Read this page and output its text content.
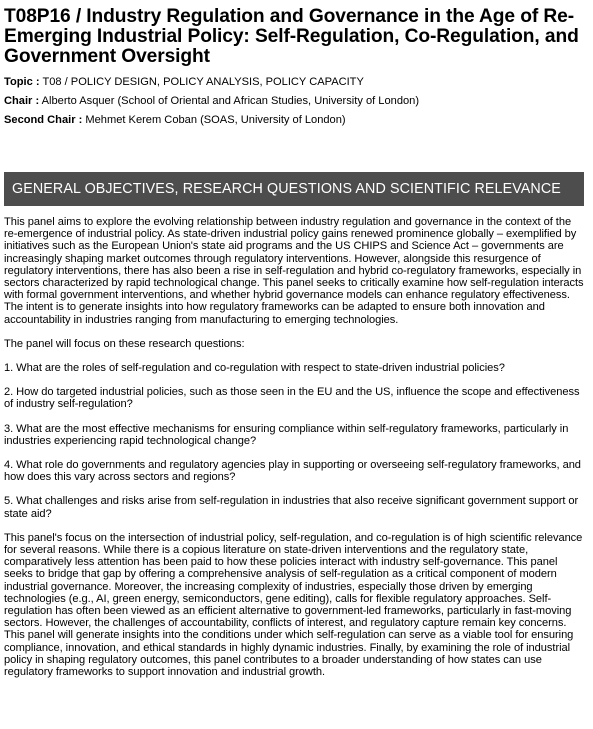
T08P16 / Industry Regulation and Governance in the Age of Re-Emerging Industrial Policy: Self-Regulation, Co-Regulation, and Government Oversight

Topic : T08 / POLICY DESIGN, POLICY ANALYSIS, POLICY CAPACITY

Chair : Alberto Asquer (School of Oriental and African Studies, University of London)

Second Chair : Mehmet Kerem Coban (SOAS, University of London)

GENERAL OBJECTIVES, RESEARCH QUESTIONS AND SCIENTIFIC RELEVANCE

This panel aims to explore the evolving relationship between industry regulation and governance in the context of the re-emergence of industrial policy. As state-driven industrial policy gains renewed prominence globally – exemplified by initiatives such as the European Union's state aid programs and the US CHIPS and Science Act – governments are increasingly shaping market outcomes through regulatory interventions. However, alongside this resurgence of regulatory interventions, there has also been a rise in self-regulation and hybrid co-regulatory frameworks, especially in sectors characterized by rapid technological change. This panel seeks to critically examine how self-regulation interacts with formal government interventions, and whether hybrid governance models can enhance regulatory effectiveness. The intent is to generate insights into how regulatory frameworks can be adapted to ensure both innovation and accountability in industries ranging from manufacturing to emerging technologies.

The panel will focus on these research questions:

1. What are the roles of self-regulation and co-regulation with respect to state-driven industrial policies?

2. How do targeted industrial policies, such as those seen in the EU and the US, influence the scope and effectiveness of industry self-regulation?

3. What are the most effective mechanisms for ensuring compliance within self-regulatory frameworks, particularly in industries experiencing rapid technological change?

4. What role do governments and regulatory agencies play in supporting or overseeing self-regulatory frameworks, and how does this vary across sectors and regions?

5. What challenges and risks arise from self-regulation in industries that also receive significant government support or state aid?

This panel's focus on the intersection of industrial policy, self-regulation, and co-regulation is of high scientific relevance for several reasons. While there is a copious literature on state-driven interventions and the regulatory state, comparatively less attention has been paid to how these policies interact with industry self-governance. This panel seeks to bridge that gap by offering a comprehensive analysis of self-regulation as a critical component of modern industrial governance. Moreover, the increasing complexity of industries, especially those driven by emerging technologies (e.g., AI, green energy, semiconductors, gene editing), calls for flexible regulatory approaches. Self-regulation has often been viewed as an efficient alternative to government-led frameworks, particularly in fast-moving sectors. However, the challenges of accountability, conflicts of interest, and regulatory capture remain key concerns. This panel will generate insights into the conditions under which self-regulation can serve as a viable tool for ensuring compliance, innovation, and ethical standards in highly dynamic industries. Finally, by examining the role of industrial policy in shaping regulatory outcomes, this panel contributes to a broader understanding of how states can use regulatory frameworks to support innovation and industrial growth.
